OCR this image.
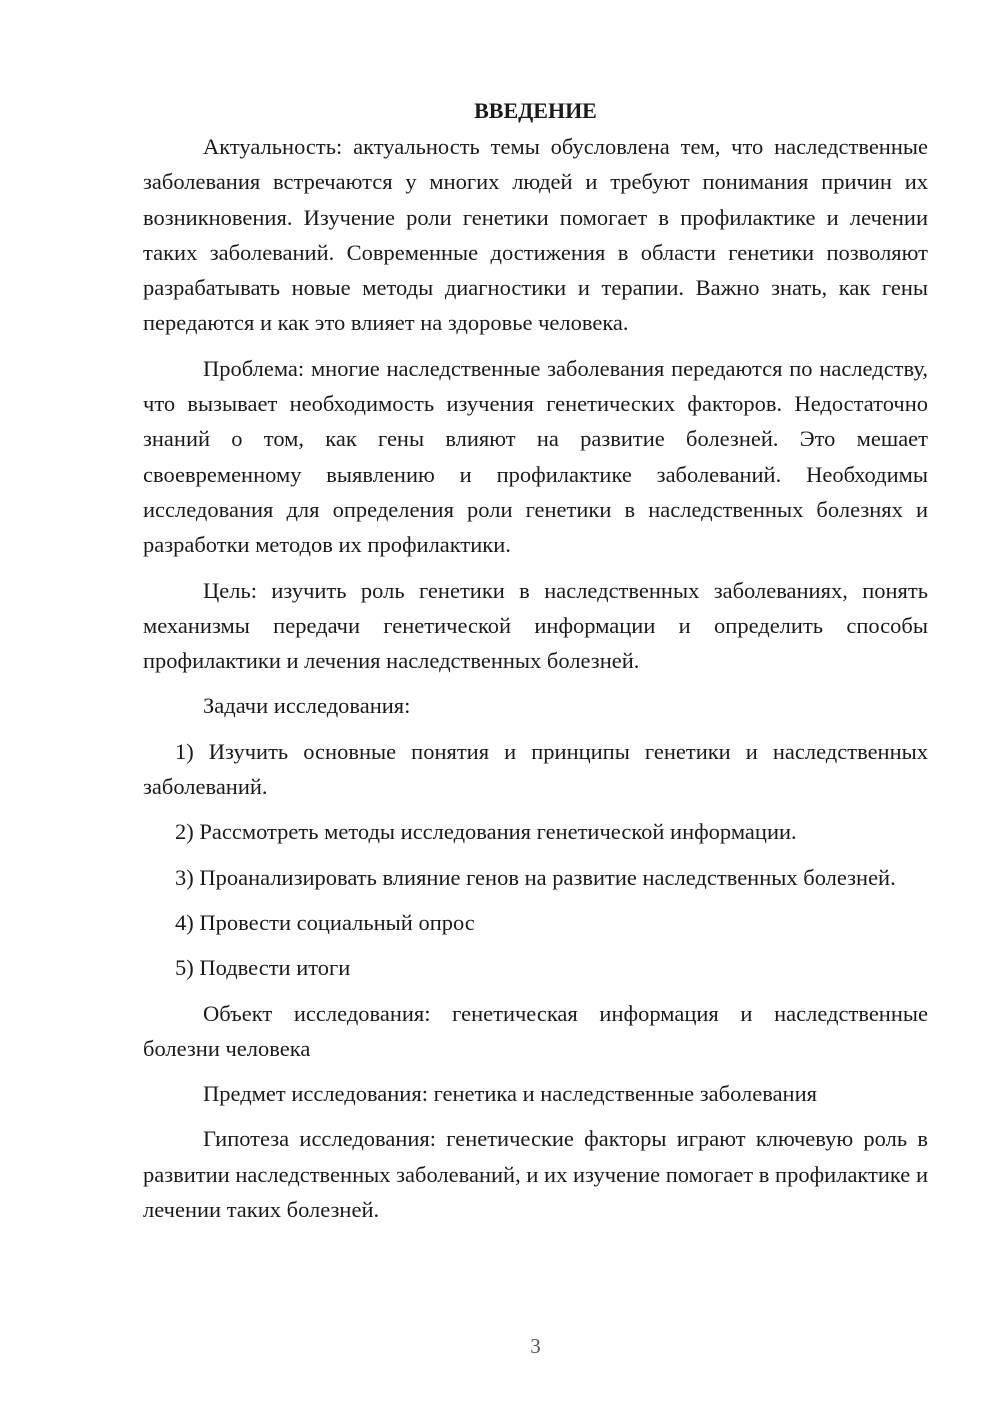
ВВЕДЕНИЕ

Актуальность: актуальность темы обусловлена тем, что наследственные заболевания встречаются у многих людей и требуют понимания причин их возникновения. Изучение роли генетики помогает в профилактике и лечении таких заболеваний. Современные достижения в области генетики позволяют разрабатывать новые методы диагностики и терапии. Важно знать, как гены передаются и как это влияет на здоровье человека.

Проблема: многие наследственные заболевания передаются по наследству, что вызывает необходимость изучения генетических факторов. Недостаточно знаний о том, как гены влияют на развитие болезней. Это мешает своевременному выявлению и профилактике заболеваний. Необходимы исследования для определения роли генетики в наследственных болезнях и разработки методов их профилактики.

Цель: изучить роль генетики в наследственных заболеваниях, понять механизмы передачи генетической информации и определить способы профилактики и лечения наследственных болезней.

Задачи исследования:

1) Изучить основные понятия и принципы генетики и наследственных заболеваний.

2) Рассмотреть методы исследования генетической информации.

3) Проанализировать влияние генов на развитие наследственных болезней.

4) Провести социальный опрос

5) Подвести итоги

Объект исследования: генетическая информация и наследственные болезни человека

Предмет исследования: генетика и наследственные заболевания

Гипотеза исследования: генетические факторы играют ключевую роль в развитии наследственных заболеваний, и их изучение помогает в профилактике и лечении таких болезней.

3
